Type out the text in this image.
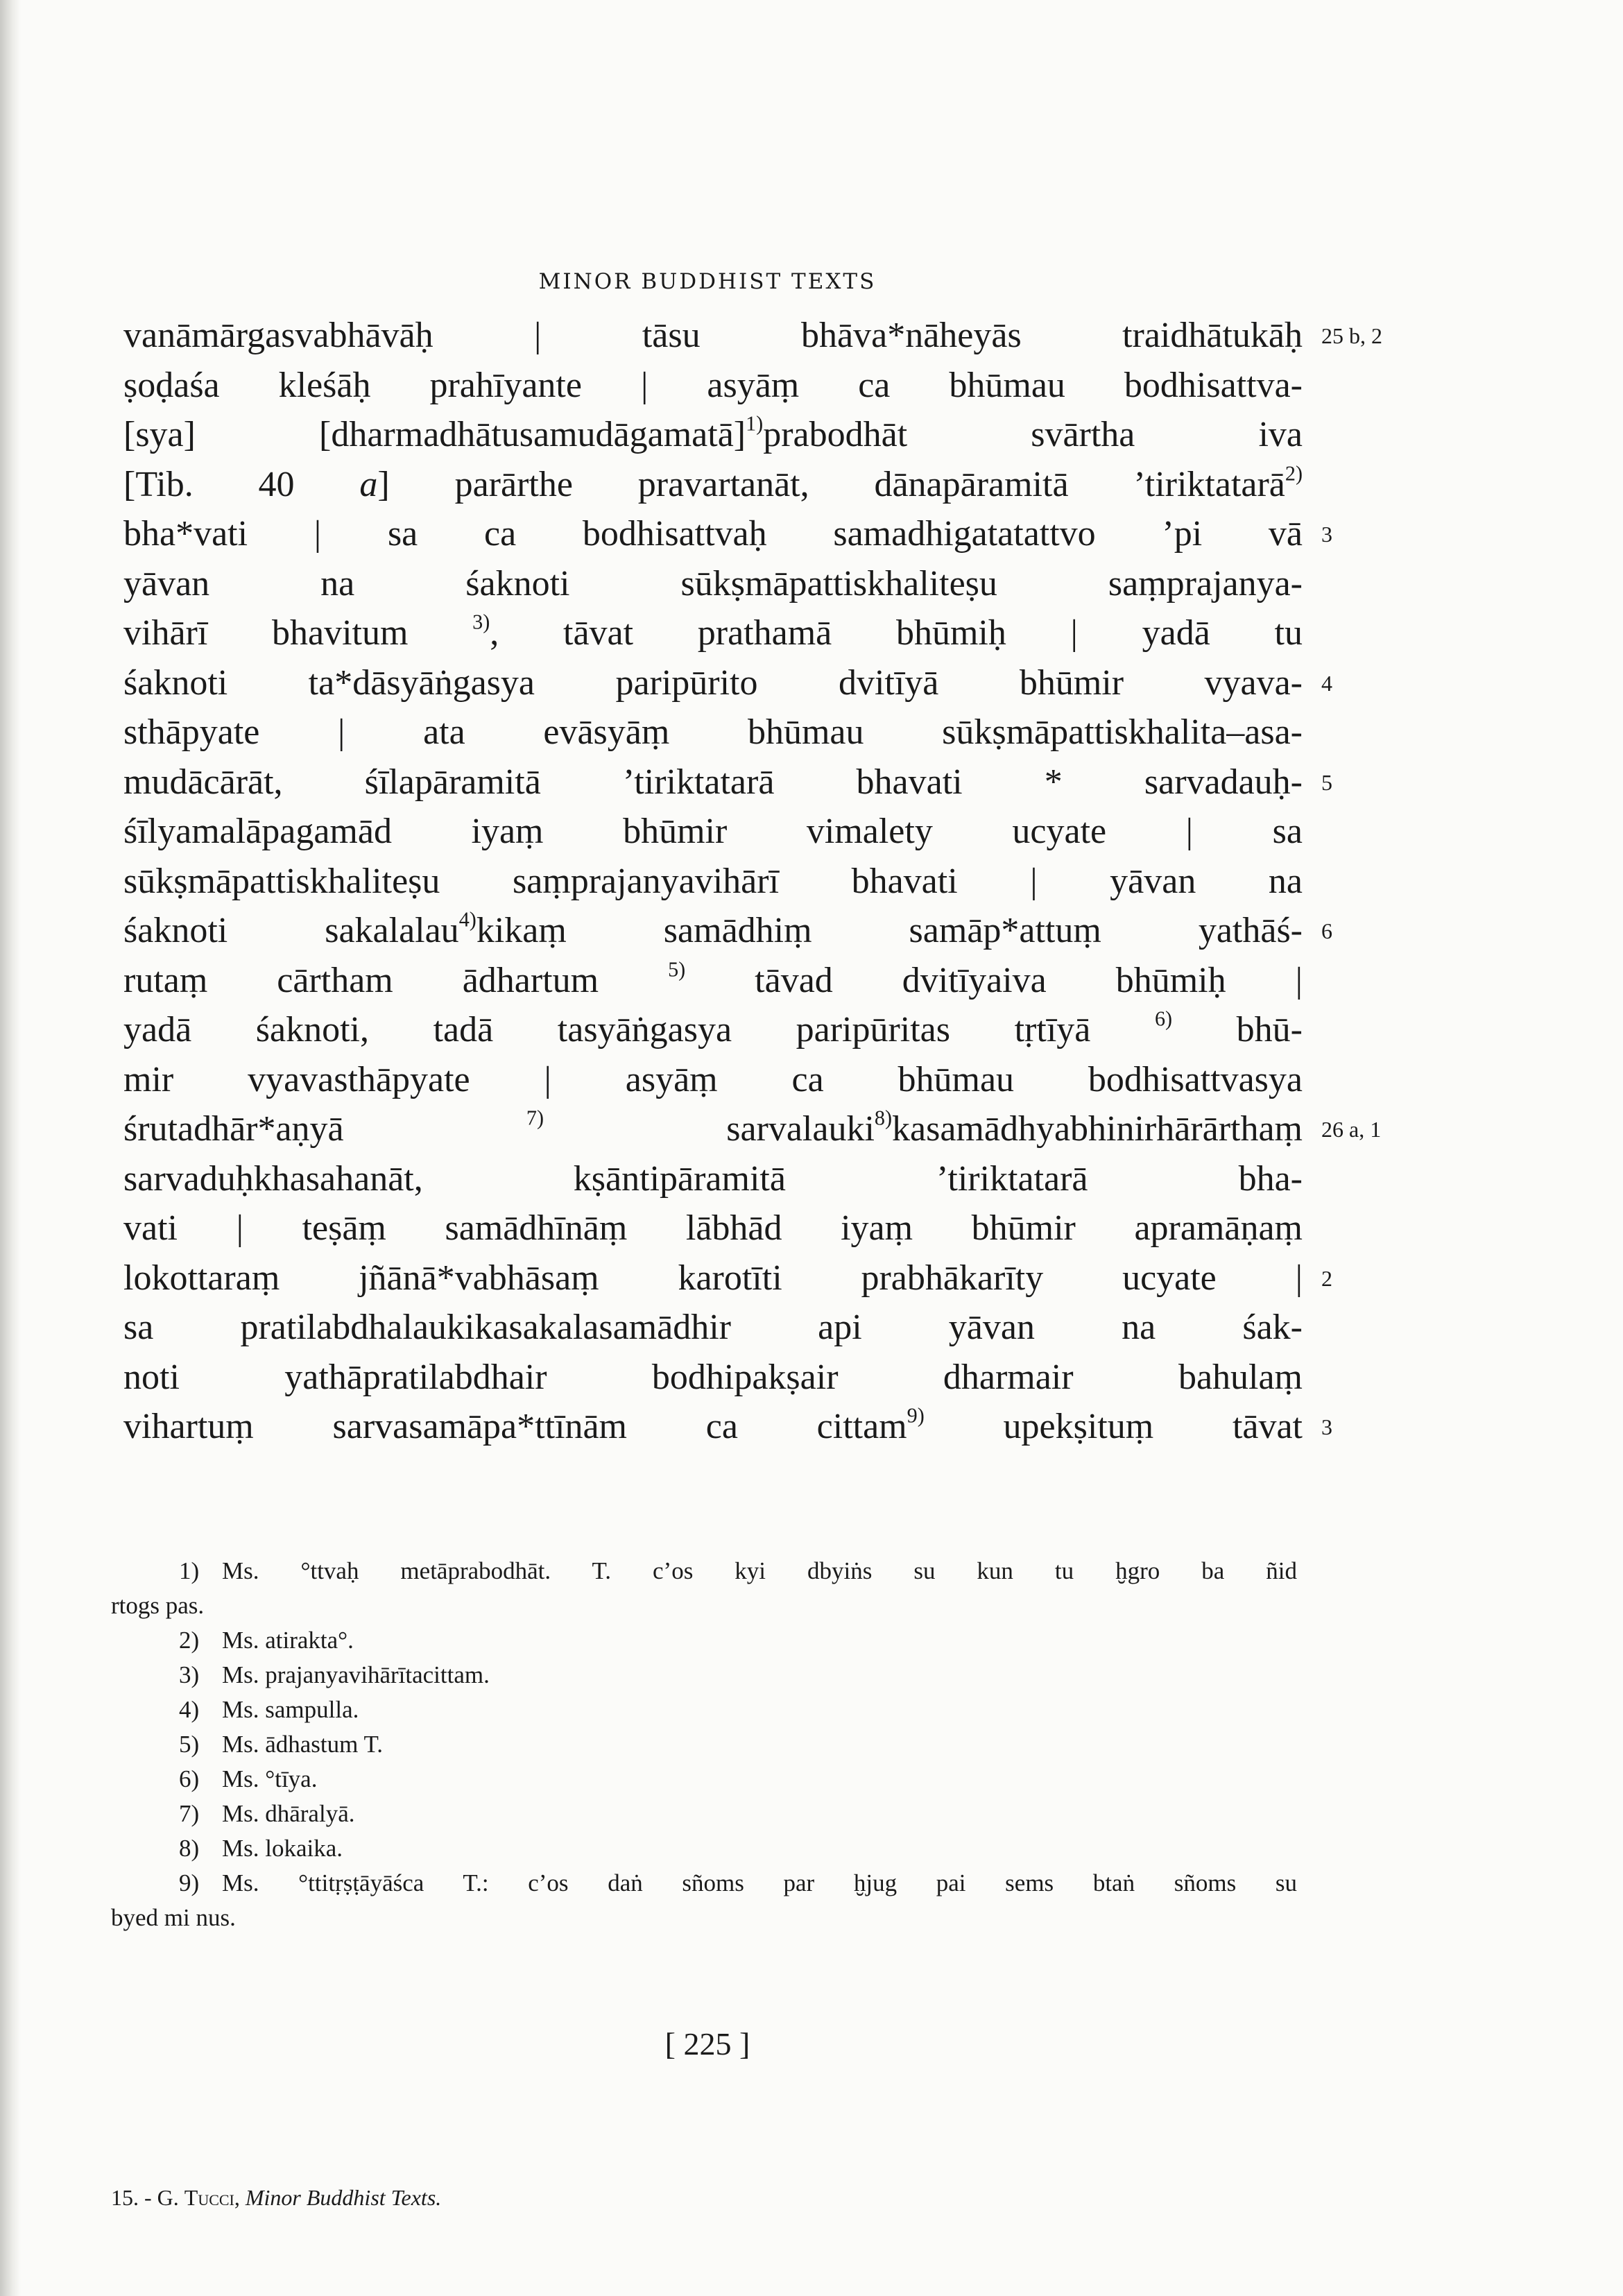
MINOR BUDDHIST TEXTS
vanāmārgasvabhāvāḥ | tāsu bhāva*nāheyās traidhātukāḥ 25 b, 2
ṣoḍaśa kleśāḥ prahīyante | asyāṃ ca bhūmau bodhisattva-
[sya] [dharmadhātusamudāgamatā]$^{1)}$prabodhāt svārtha iva
[Tib. 40 a] parārthe pravartanāt, dānapāramitā ’tiriktatarā$^{2)}$
bha*vati | sa ca bodhisattvaḥ samadhigatatattvo ’pi vā 3
yāvan na śaknoti sūkṣmāpattiskhaliteṣu saṃprajanya-
vihārī bhavitum $^{3)}$, tāvat prathamā bhūmiḥ | yadā tu
śaknoti ta*dāsyāṅgasya paripūrito dvitīyā bhūmir vyava- 4
sthāpyate | ata evāsyāṃ bhūmau sūkṣmāpattiskhalita–asa-
mudācārāt, śīlapāramitā ’tiriktatarā bhavati * sarvadauḥ- 5
śīlyamalāpagamād iyaṃ bhūmir vimalety ucyate | sa
sūkṣmāpattiskhaliteṣu saṃprajanyavihārī bhavati | yāvan na
śaknoti sakalalau$^{4)}$kikaṃ samādhiṃ samāp*attuṃ yathāś- 6
rutaṃ cārtham ādhartum $^{5)}$ tāvad dvitīyaiva bhūmiḥ |
yadā śaknoti, tadā tasyāṅgasya paripūritas tṛtīyā $^{6)}$ bhū-
mir vyavasthāpyate | asyāṃ ca bhūmau bodhisattvasya
śrutadhār*aṇyā $^{7)}$ sarvalauki$^{8)}$kasamādhyabhinirhārārthaṃ 26 a, 1
sarvaduḥkhasahanāt, kṣāntipāramitā ’tiriktatarā bha-
vati | teṣāṃ samādhīnāṃ lābhād iyaṃ bhūmir apramāṇaṃ
lokottaraṃ jñānā*vabhāsaṃ karotīti prabhākarīty ucyate | 2
sa pratilabdhalaukikasakalasamādhir api yāvan na śak-
noti yathāpratilabdhair bodhipakṣair dharmair bahulaṃ
vihartuṃ sarvasamāpa*ttīnām ca cittam$^{9)}$ upekṣituṃ tāvat 3
1) Ms. °ttvaḥ metāprabodhāt. T. c’os kyi dbyiṅs su kun tu ḫgro ba ñid
rtogs pas.
2) Ms. atirakta°.
3) Ms. prajanyavihārītacittam.
4) Ms. sampulla.
5) Ms. ādhastum T.
6) Ms. °tīya.
7) Ms. dhāralyā.
8) Ms. lokaika.
9) Ms. °ttitṛṣṭāyāśca T.: c’os daṅ sñoms par ḫjug pai sems btaṅ sñoms su
byed mi nus.
[ 225 ]
15. - G. Tucci, Minor Buddhist Texts.
